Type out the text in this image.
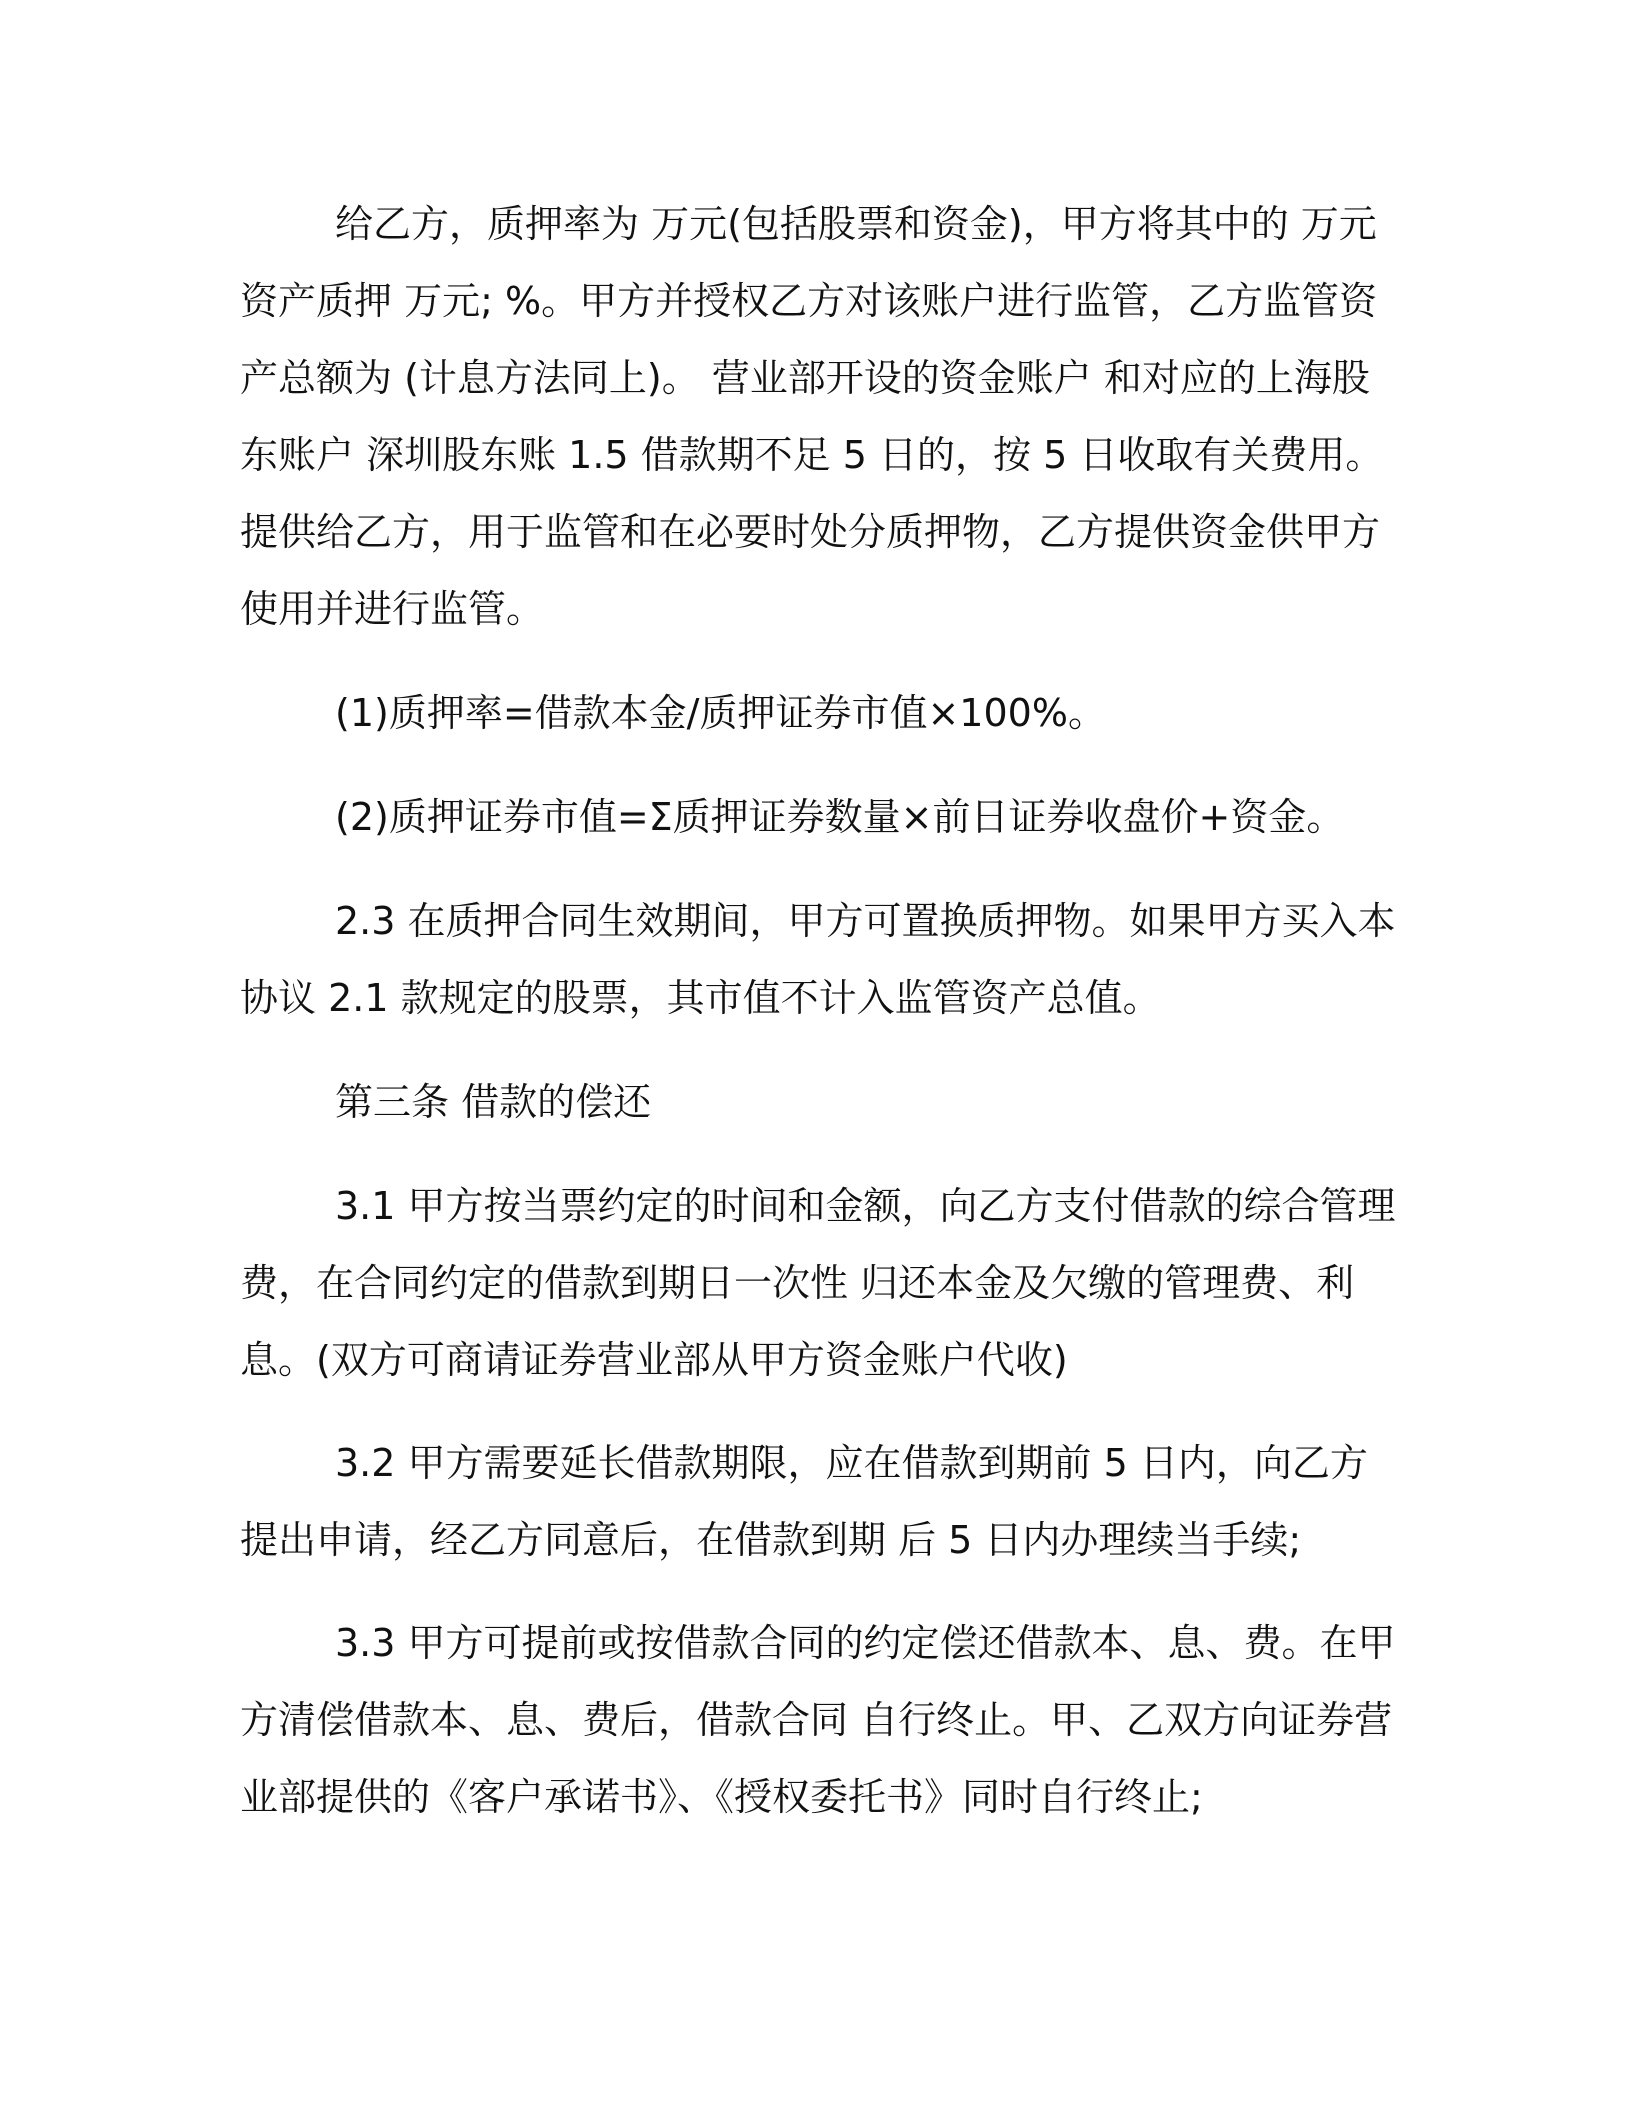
给乙方，质押率为 万元(包括股票和资金)，甲方将其中的 万元资产质押 万元; %。甲方并授权乙方对该账户进行监管，乙方监管资产总额为 (计息方法同上)。 营业部开设的资金账户 和对应的上海股东账户 深圳股东账 1.5 借款期不足 5 日的，按 5 日收取有关费用。 提供给乙方，用于监管和在必要时处分质押物，乙方提供资金供甲方使用并进行监管。

(1)质押率=借款本金/质押证券市值×100%。

(2)质押证券市值=Σ质押证券数量×前日证券收盘价+资金。

2.3 在质押合同生效期间，甲方可置换质押物。如果甲方买入本协议 2.1 款规定的股票，其市值不计入监管资产总值。

第三条 借款的偿还

3.1 甲方按当票约定的时间和金额，向乙方支付借款的综合管理费，在合同约定的借款到期日一次性 归还本金及欠缴的管理费、利息。(双方可商请证券营业部从甲方资金账户代收)

3.2 甲方需要延长借款期限，应在借款到期前 5 日内，向乙方提出申请，经乙方同意后，在借款到期 后 5 日内办理续当手续;

3.3 甲方可提前或按借款合同的约定偿还借款本、息、费。在甲方清偿借款本、息、费后，借款合同 自行终止。甲、乙双方向证券营业部提供的《客户承诺书》、《授权委托书》同时自行终止;
